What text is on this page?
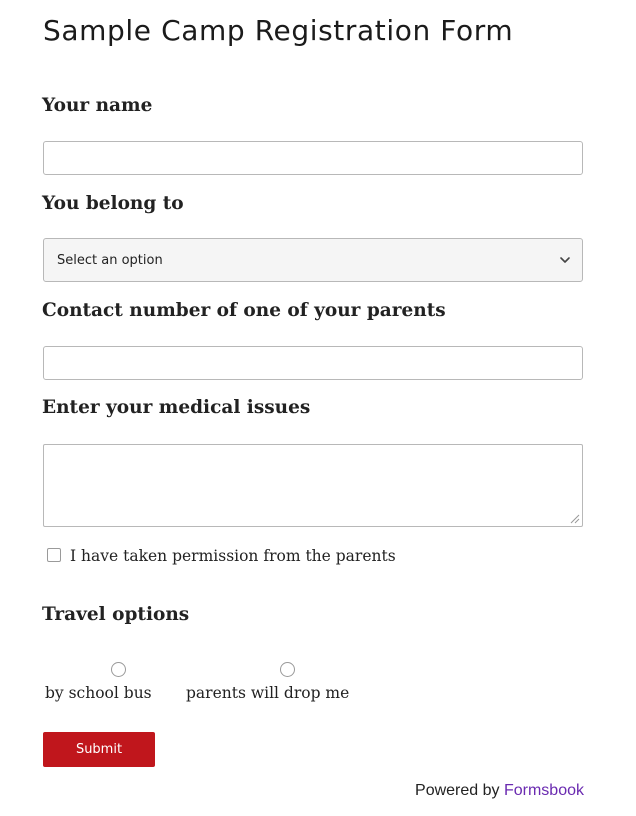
Sample Camp Registration Form
Your name
You belong to
Select an option
Contact number of one of your parents
Enter your medical issues
I have taken permission from the parents
Travel options
by school bus parents will drop me
Submit
Powered by Formsbook
